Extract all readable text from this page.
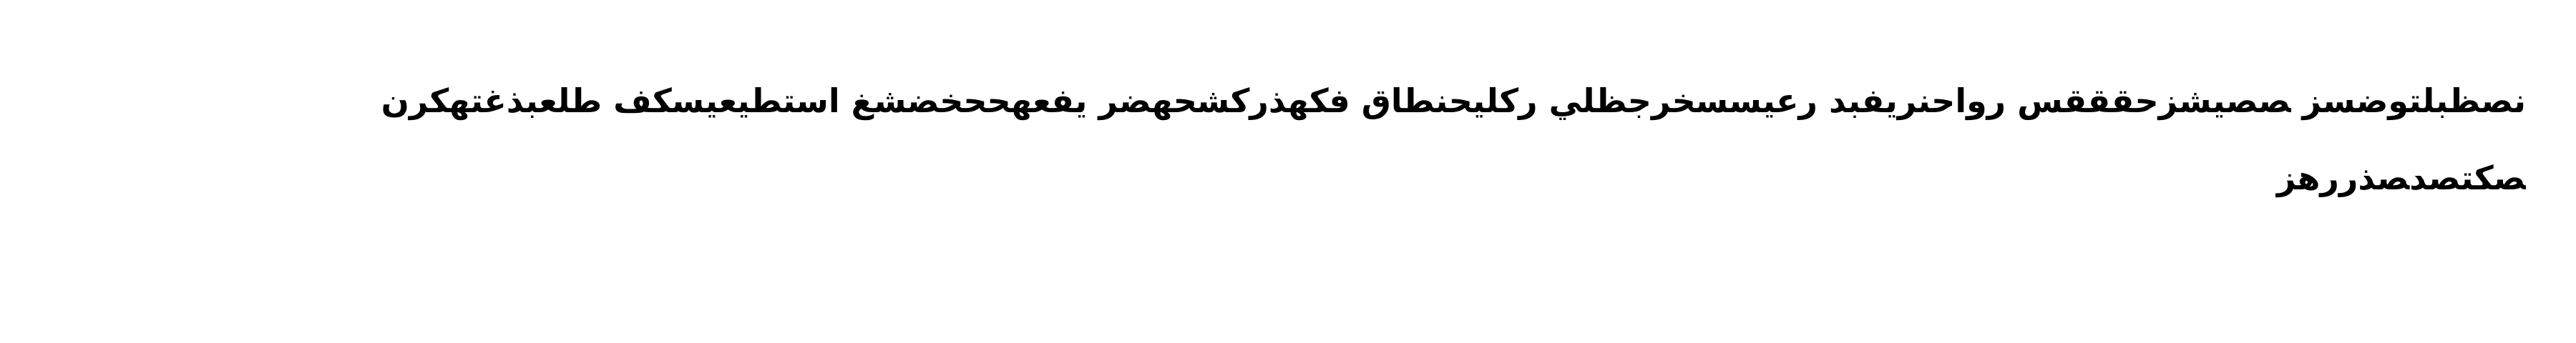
ﻧﺼﻈﺒﻠﺘﻮﺿﺴﺰ ﺼﺼﻴﺸﺰﺣﻘﻘﻘﺲ ﺭﻭﺍﺣﻨﺮﻳﻔﺒﺪ ﺭﻋﻴﺴﺴﺨﺮﺟﻈﻠﻲ ﺭﻛﻠﻴﺤﻨﻄﺎﻕ ﻓﻜﻬﺬﺭﻛﺸﺤﻬﻀﺮ ﻳﻔﻌﻬﺤﺤﺨﻀﺸﻎ ﺍﺳﺘﻄﻴﻌﻴﺴﻜﻒ ﻃﻠﻌﺒﺬﻏﺘﻬﻜﺮﻥ
ﺼﻜﺘﺼﺪﺼﺬﺭﺭﻫﺰ
